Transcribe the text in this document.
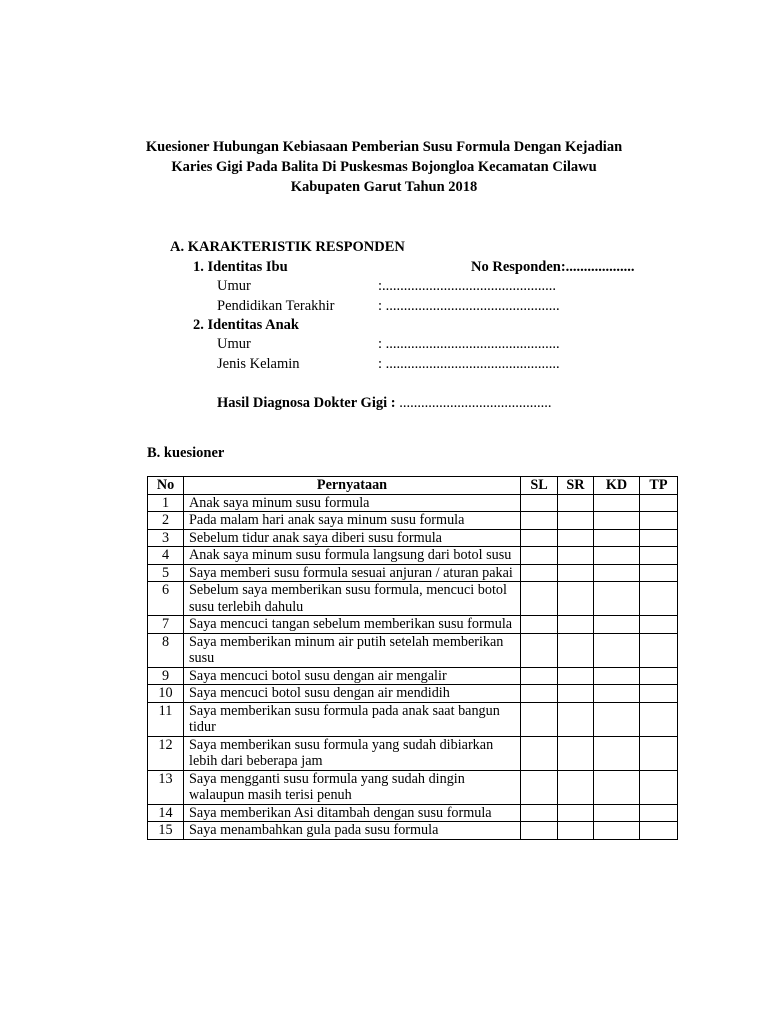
Kuesioner Hubungan Kebiasaan Pemberian Susu Formula Dengan Kejadian
Karies Gigi Pada Balita Di Puskesmas Bojongloa Kecamatan Cilawu
Kabupaten Garut Tahun 2018
A. KARAKTERISTIK RESPONDEN
1. Identitas Ibu	No Responden:...................
Umur	:................................................
Pendidikan Terakhir	: ................................................
2. Identitas Anak
Umur	: ................................................
Jenis Kelamin	: ................................................
Hasil Diagnosa Dokter Gigi : ..........................................
B. kuesioner
No	Pernyataan	SL	SR	KD	TP
1	Anak saya minum susu formula				
2	Pada malam hari anak saya minum susu formula				
3	Sebelum tidur anak saya diberi susu formula				
4	Anak saya minum susu formula langsung dari botol susu				
5	Saya memberi susu formula sesuai anjuran / aturan pakai				
6	Sebelum saya memberikan susu formula, mencuci botol susu terlebih dahulu				
7	Saya mencuci tangan sebelum memberikan susu formula				
8	Saya memberikan minum air putih setelah memberikan susu				
9	Saya mencuci botol susu dengan air mengalir				
10	Saya mencuci botol susu dengan air mendidih				
11	Saya memberikan susu formula pada anak saat bangun tidur				
12	Saya memberikan susu formula yang sudah dibiarkan lebih dari beberapa jam				
13	Saya mengganti susu formula yang sudah dingin walaupun masih terisi penuh				
14	Saya memberikan Asi ditambah dengan susu formula				
15	Saya menambahkan gula pada susu formula				
